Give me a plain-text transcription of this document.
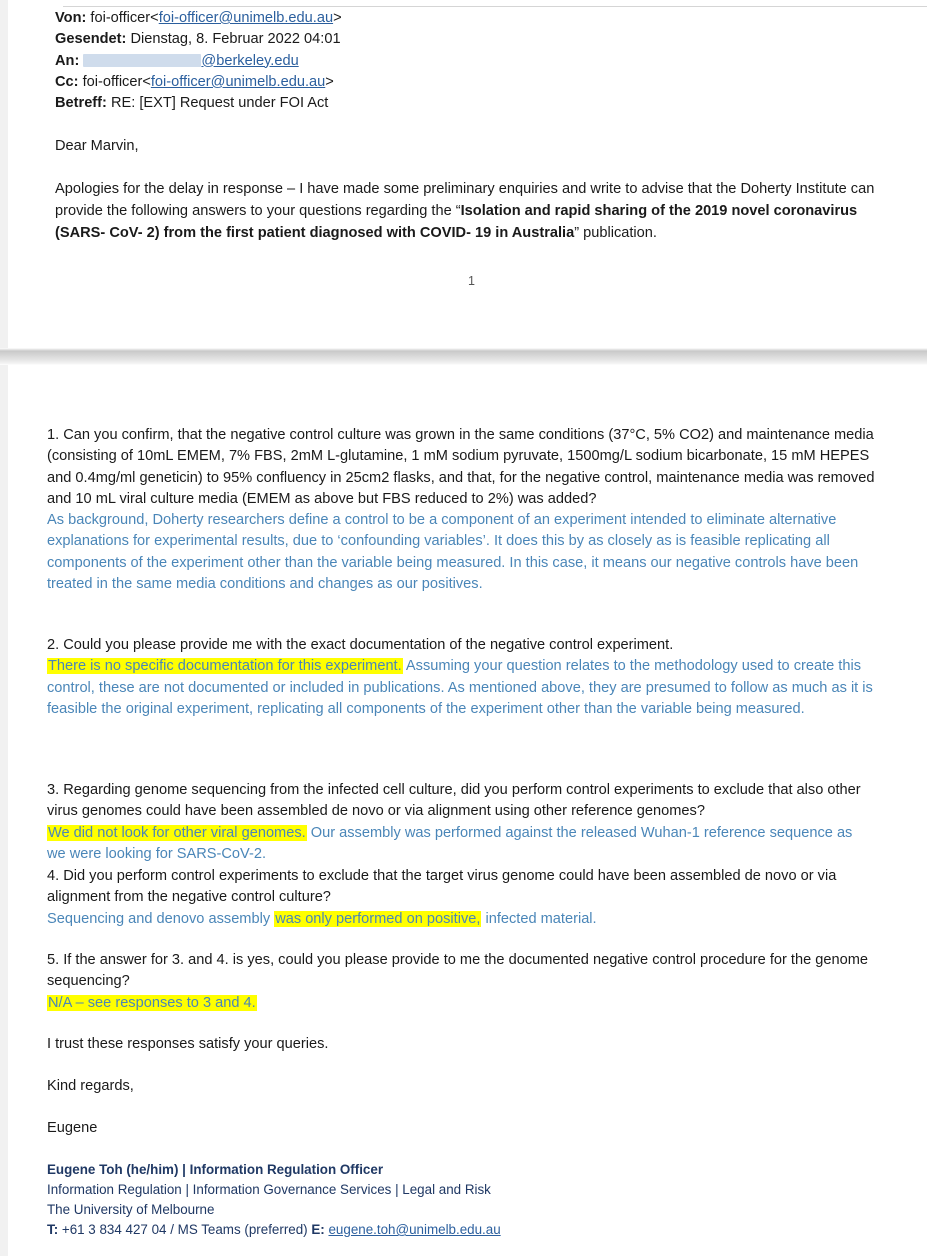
Von: foi-officer<foi-officer@unimelb.edu.au>
Gesendet: Dienstag, 8. Februar 2022 04:01
An:	@berkeley.edu
Cc: foi-officer<foi-officer@unimelb.edu.au>
Betreff: RE: [EXT] Request under FOI Act
Dear Marvin,
Apologies for the delay in response – I have made some preliminary enquiries and write to advise that the Doherty Institute can provide the following answers to your questions regarding the “Isolation and rapid sharing of the 2019 novel coronavirus (SARS- CoV- 2) from the first patient diagnosed with COVID- 19 in Australia” publication.
1
1. Can you confirm, that the negative control culture was grown in the same conditions (37°C, 5% CO2) and maintenance media (consisting of 10mL EMEM, 7% FBS, 2mM L-glutamine, 1 mM sodium pyruvate, 1500mg/L sodium bicarbonate, 15 mM HEPES and 0.4mg/ml geneticin) to 95% confluency in 25cm2 flasks, and that, for the negative control, maintenance media was removed and 10 mL viral culture media (EMEM as above but FBS reduced to 2%) was added?
As background, Doherty researchers define a control to be a component of an experiment intended to eliminate alternative explanations for experimental results, due to ‘confounding variables’. It does this by as closely as is feasible replicating all components of the experiment other than the variable being measured. In this case, it means our negative controls have been treated in the same media conditions and changes as our positives.
2. Could you please provide me with the exact documentation of the negative control experiment.
There is no specific documentation for this experiment. Assuming your question relates to the methodology used to create this control, these are not documented or included in publications. As mentioned above, they are presumed to follow as much as it is feasible the original experiment, replicating all components of the experiment other than the variable being measured.
3. Regarding genome sequencing from the infected cell culture, did you perform control experiments to exclude that also other virus genomes could have been assembled de novo or via alignment using other reference genomes?
We did not look for other viral genomes. Our assembly was performed against the released Wuhan-1 reference sequence as we were looking for SARS-CoV-2.
4. Did you perform control experiments to exclude that the target virus genome could have been assembled de novo or via alignment from the negative control culture?
Sequencing and denovo assembly was only performed on positive, infected material.
5. If the answer for 3. and 4. is yes, could you please provide to me the documented negative control procedure for the genome sequencing?
N/A – see responses to 3 and 4.
I trust these responses satisfy your queries.
Kind regards,
Eugene
Eugene Toh (he/him) | Information Regulation Officer
Information Regulation | Information Governance Services | Legal and Risk
The University of Melbourne
T: +61 3 834 427 04 / MS Teams (preferred) E: eugene.toh@unimelb.edu.au
